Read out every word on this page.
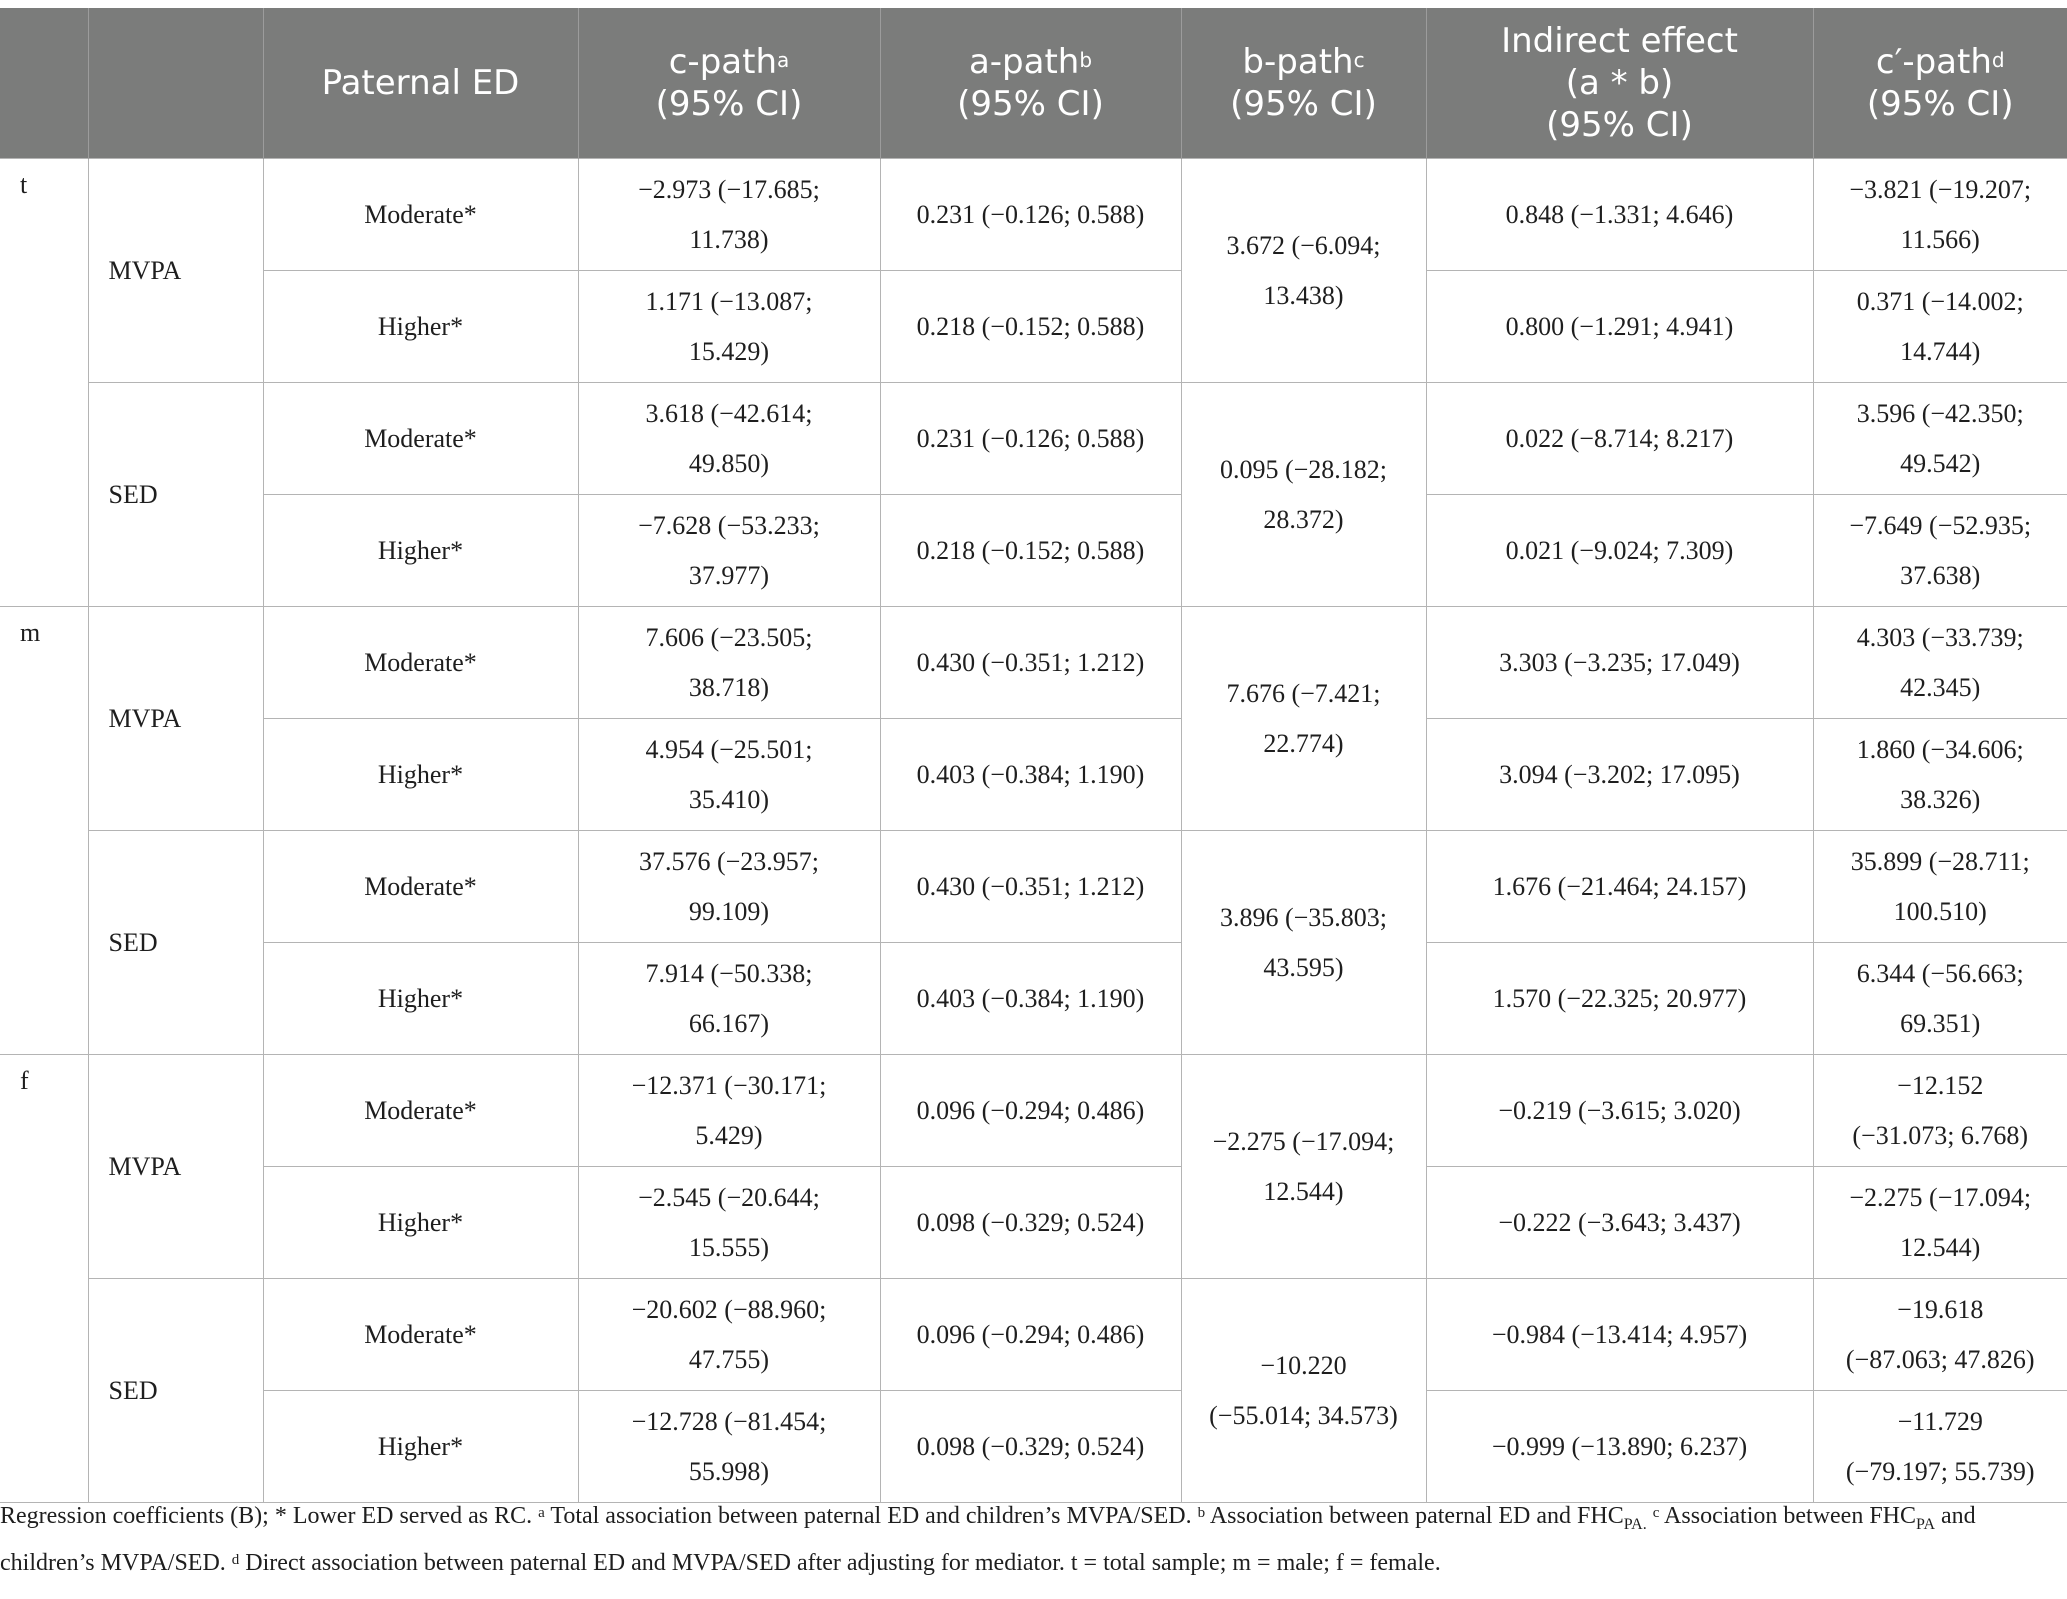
		Paternal ED	c-path$^a$
(95% CI)	a-path$^b$
(95% CI)	b-path$^c$
(95% CI)	Indirect effect
(a * b)
(95% CI)	c′-path$^d$
(95% CI)
t	MVPA	Moderate*	−2.973 (−17.685;
11.738)	0.231 (−0.126; 0.588)	3.672 (−6.094;
13.438)	0.848 (−1.331; 4.646)	−3.821 (−19.207;
11.566)
		Higher*	1.171 (−13.087;
15.429)	0.218 (−0.152; 0.588)		0.800 (−1.291; 4.941)	0.371 (−14.002;
14.744)
	SED	Moderate*	3.618 (−42.614;
49.850)	0.231 (−0.126; 0.588)	0.095 (−28.182;
28.372)	0.022 (−8.714; 8.217)	3.596 (−42.350;
49.542)
		Higher*	−7.628 (−53.233;
37.977)	0.218 (−0.152; 0.588)		0.021 (−9.024; 7.309)	−7.649 (−52.935;
37.638)
m	MVPA	Moderate*	7.606 (−23.505;
38.718)	0.430 (−0.351; 1.212)	7.676 (−7.421;
22.774)	3.303 (−3.235; 17.049)	4.303 (−33.739;
42.345)
		Higher*	4.954 (−25.501;
35.410)	0.403 (−0.384; 1.190)		3.094 (−3.202; 17.095)	1.860 (−34.606;
38.326)
	SED	Moderate*	37.576 (−23.957;
99.109)	0.430 (−0.351; 1.212)	3.896 (−35.803;
43.595)	1.676 (−21.464; 24.157)	35.899 (−28.711;
100.510)
		Higher*	7.914 (−50.338;
66.167)	0.403 (−0.384; 1.190)		1.570 (−22.325; 20.977)	6.344 (−56.663;
69.351)
f	MVPA	Moderate*	−12.371 (−30.171;
5.429)	0.096 (−0.294; 0.486)	−2.275 (−17.094;
12.544)	−0.219 (−3.615; 3.020)	−12.152
(−31.073; 6.768)
		Higher*	−2.545 (−20.644;
15.555)	0.098 (−0.329; 0.524)		−0.222 (−3.643; 3.437)	−2.275 (−17.094;
12.544)
	SED	Moderate*	−20.602 (−88.960;
47.755)	0.096 (−0.294; 0.486)	−10.220
(−55.014; 34.573)	−0.984 (−13.414; 4.957)	−19.618
(−87.063; 47.826)
		Higher*	−12.728 (−81.454;
55.998)	0.098 (−0.329; 0.524)		−0.999 (−13.890; 6.237)	−11.729
(−79.197; 55.739)
Regression coefficients (B); * Lower ED served as RC. $^a$ Total association between paternal ED and children’s MVPA/SED. $^b$ Association between paternal ED and $FHC_{PA.}$ $^c$ Association between $FHC_{PA}$ and children’s MVPA/SED. $^d$ Direct association between paternal ED and MVPA/SED after adjusting for mediator. t = total sample; m = male; f = female.
